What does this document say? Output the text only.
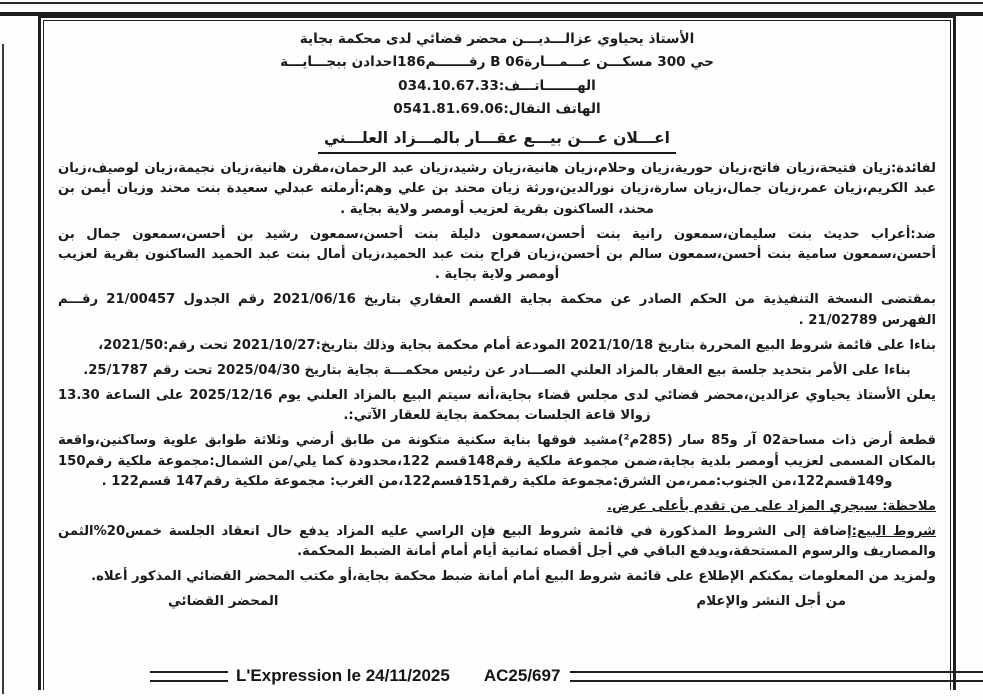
الأستاذ يحياوي عزالـــديـــن محضر قضائي لدى محكمة بجاية
حي 300 مسكـــن عـــمـــارة06 B رقـــــــم186احدادن ببجـــايـــة
الهـــــــاتـــف:034.10.67.33
الهاتف النقال:0541.81.69.06
اعـــلان عـــن بيـــع عقـــار بالمـــزاد العلـــني

لفائدة:زيان فتيحة،زيان فاتح،زيان حورية،زيان وحلام،زيان هانية،زيان رشيد،زيان عبد الرحمان،مقرن هانية،زيان نجيمة،زيان لوصيف،زيان عبد الكريم،زيان عمر،زيان جمال،زيان سارة،زيان نورالدين،ورثة زيان محند بن علي وهم:أرملته عبدلي سعيدة بنت محند وزيان أيمن بن محند، الساكنون بقرية لعزيب أومصر ولاية بجاية .

ضد:أعراب حديث بنت سليمان،سمعون رانية بنت أحسن،سمعون دليلة بنت أحسن،سمعون رشيد بن أحسن،سمعون جمال بن أحسن،سمعون سامية بنت أحسن،سمعون سالم بن أحسن،زيان فراح بنت عبد الحميد،زيان أمال بنت عبد الحميد الساكنون بقرية لعزيب أومصر ولاية بجاية .

بمقتضى النسخة التنفيذية من الحكم الصادر عن محكمة بجاية القسم العقاري بتاريخ 2021/06/16 رقم الجدول 21/00457 رقـــم الفهرس 21/02789 .

بناءا على قائمة شروط البيع المحررة بتاريخ 2021/10/18 المودعة أمام محكمة بجاية وذلك بتاريخ:2021/10/27 تحت رقم:2021/50،

بناءا على الأمر بتحديد جلسة بيع العقار بالمزاد العلني الصـــادر عن رئيس محكمـــة بجاية بتاريخ 2025/04/30 تحت رقم 25/1787.

يعلن الأستاذ يحياوي عزالدين،محضر قضائي لدى مجلس قضاء بجاية،أنه سيتم البيع بالمزاد العلني يوم 2025/12/16 على الساعة 13.30 زوالا قاعة الجلسات بمحكمة بجاية للعقار الآتي:.

قطعة أرض ذات مساحة02 آر و85 سار (285م²)مشيد فوقها بناية سكنية متكونة من طابق أرضي وثلاثة طوابق علوية وساكنين،واقعة بالمكان المسمى لعزيب أومصر بلدية بجاية،ضمن مجموعة ملكية رقم148قسم 122،محدودة كما يلي/من الشمال:مجموعة ملكية رقم150 و149قسم122،من الجنوب:ممر،من الشرق:مجموعة ملكية رقم151قسم122،من الغرب: مجموعة ملكية رقم147 قسم122 .

ملاحظة: سيجري المزاد على من تقدم بأعلى عرض.

شروط البيع:إضافة إلى الشروط المذكورة في قائمة شروط البيع فإن الراسي عليه المزاد يدفع حال انعقاد الجلسة خمس20%الثمن والمصاريف والرسوم المستحقة،ويدفع الباقي في أجل أقصاه ثمانية أيام أمام أمانة الضبط المحكمة.

ولمزيد من المعلومات يمكنكم الإطلاع على قائمة شروط البيع أمام أمانة ضبط محكمة بجاية،أو مكتب المحضر القضائي المذكور أعلاه.

من أجل النشر والإعلام
المحضر القضائي
L'Expression le 24/11/2025 AC25/697
